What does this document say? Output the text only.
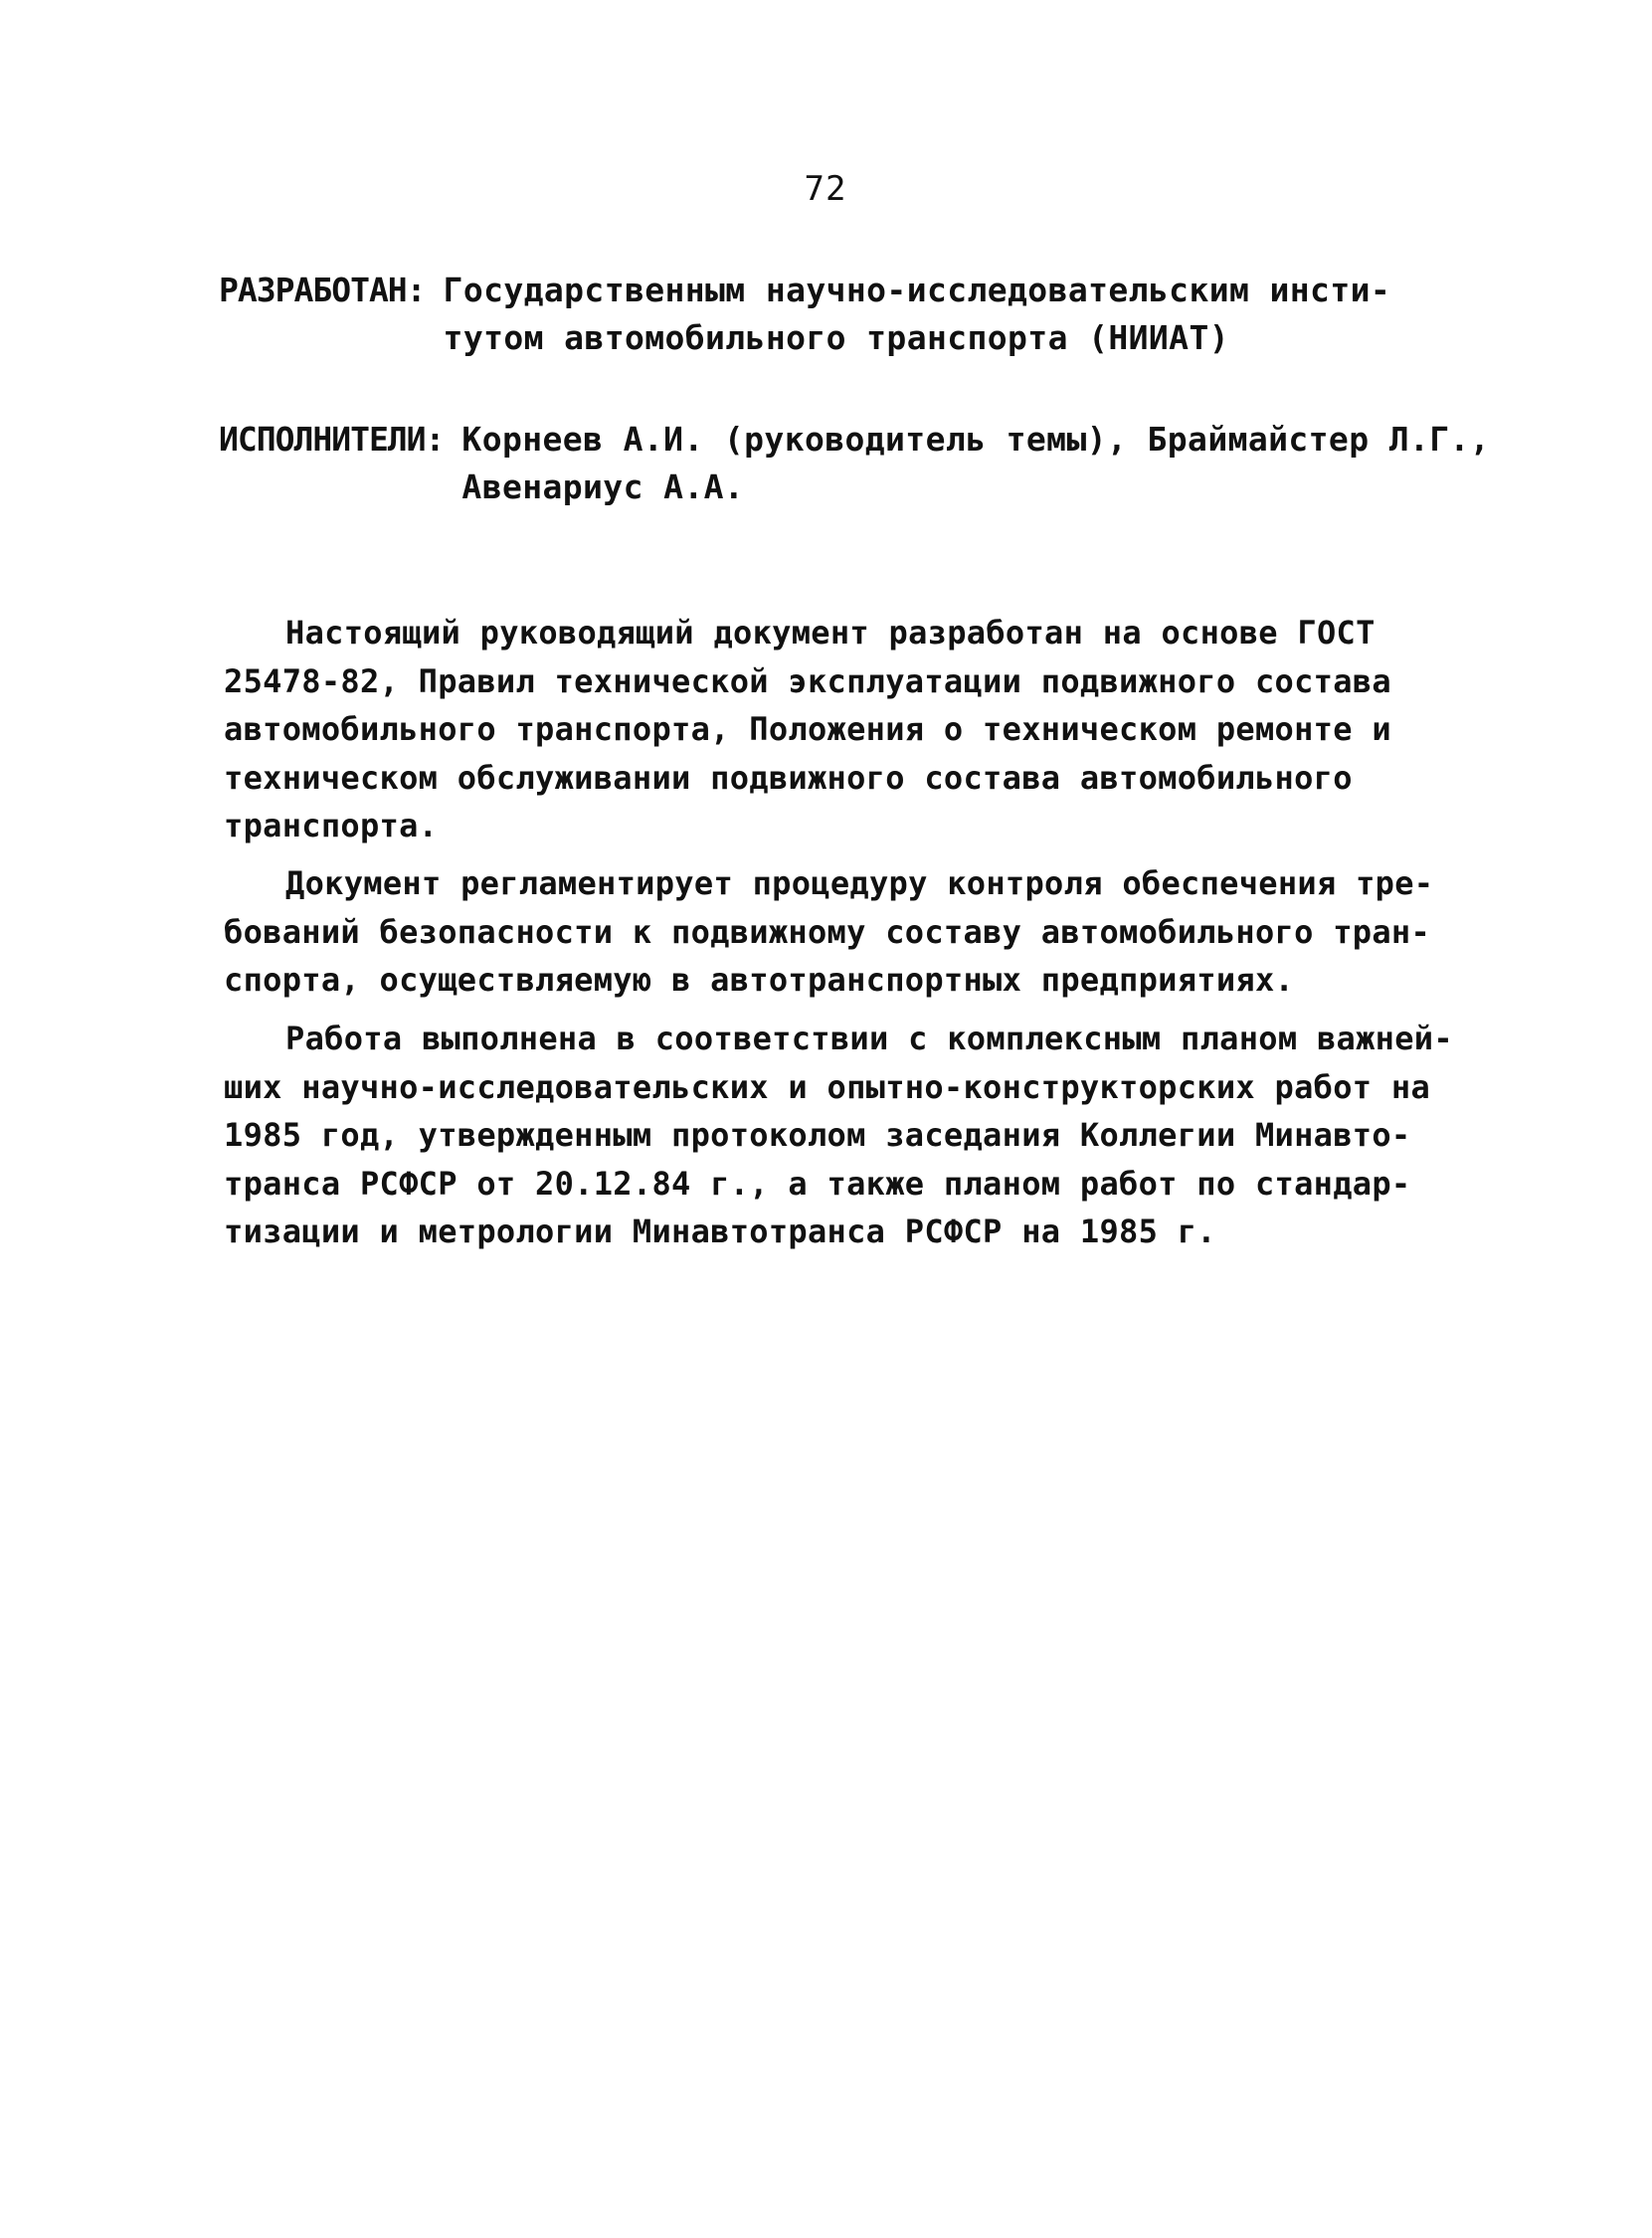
72
РАЗРАБОТАН: Государственным научно-исследовательским инсти-
тутом автомобильного транспорта (НИИАТ)
ИСПОЛНИТЕЛИ: Корнеев А.И. (руководитель темы), Браймайстер Л.Г.,
Авенариус А.А.
Настоящий руководящий документ разработан на основе ГОСТ
25478-82, Правил технической эксплуатации подвижного состава
автомобильного транспорта, Положения о техническом ремонте и
техническом обслуживании подвижного состава автомобильного
транспорта.
Документ регламентирует процедуру контроля обеспечения тре-
бований безопасности к подвижному составу автомобильного тран-
спорта, осуществляемую в автотранспортных предприятиях.
Работа выполнена в соответствии с комплексным планом важней-
ших научно-исследовательских и опытно-конструкторских работ на
1985 год, утвержденным протоколом заседания Коллегии Минавто-
транса РСФСР от 20.12.84 г., а также планом работ по стандар-
тизации и метрологии Минавтотранса РСФСР на 1985 г.
